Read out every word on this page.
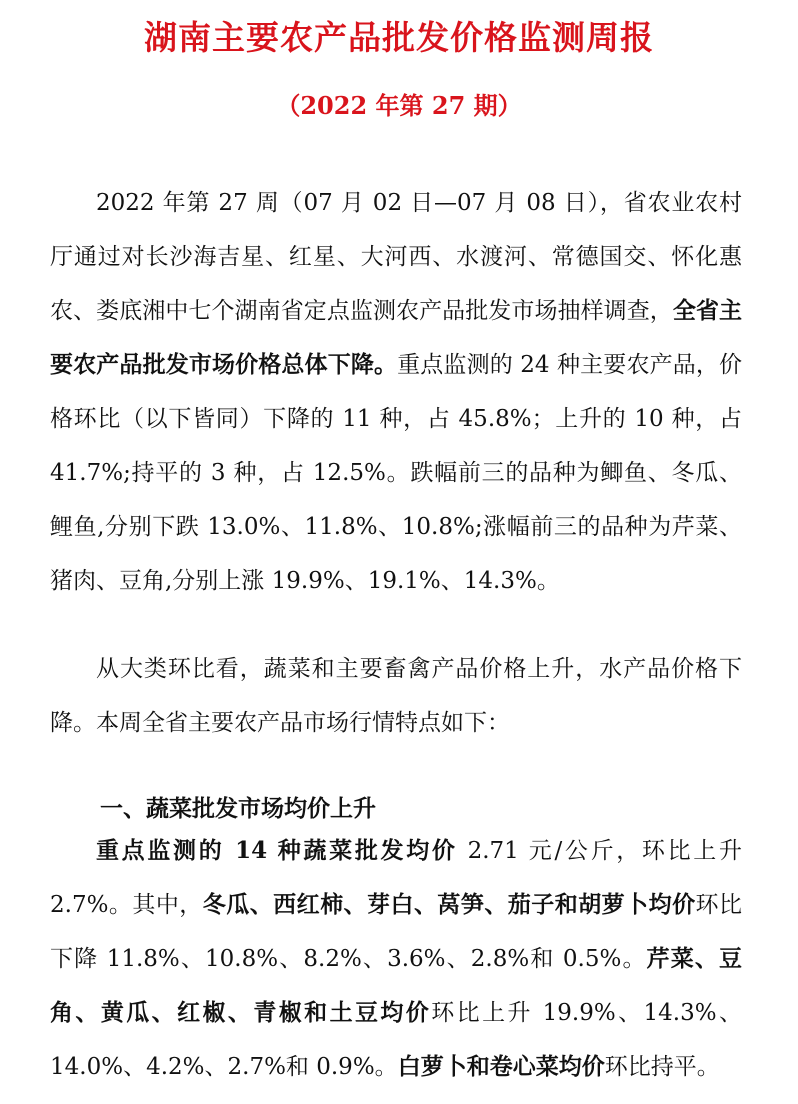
湖南主要农产品批发价格监测周报
（2022 年第 27 期）

2022 年第 27 周（07 月 02 日—07 月 08 日），省农业农村厅通过对长沙海吉星、红星、大河西、水渡河、常德国交、怀化惠农、娄底湘中七个湖南省定点监测农产品批发市场抽样调查，全省主要农产品批发市场价格总体下降。重点监测的 24 种主要农产品，价格环比（以下皆同）下降的 11 种，占 45.8%；上升的 10 种，占 41.7%;持平的 3 种，占 12.5%。跌幅前三的品种为鲫鱼、冬瓜、鲤鱼,分别下跌 13.0%、11.8%、10.8%;涨幅前三的品种为芹菜、猪肉、豆角,分别上涨 19.9%、19.1%、14.3%。

从大类环比看，蔬菜和主要畜禽产品价格上升，水产品价格下降。本周全省主要农产品市场行情特点如下：

一、蔬菜批发市场均价上升

重点监测的 14 种蔬菜批发均价 2.71 元/公斤，环比上升 2.7%。其中，冬瓜、西红柿、芽白、莴笋、茄子和胡萝卜均价环比下降 11.8%、10.8%、8.2%、3.6%、2.8%和 0.5%。芹菜、豆角、黄瓜、红椒、青椒和土豆均价环比上升 19.9%、14.3%、14.0%、4.2%、2.7%和 0.9%。白萝卜和卷心菜均价环比持平。
